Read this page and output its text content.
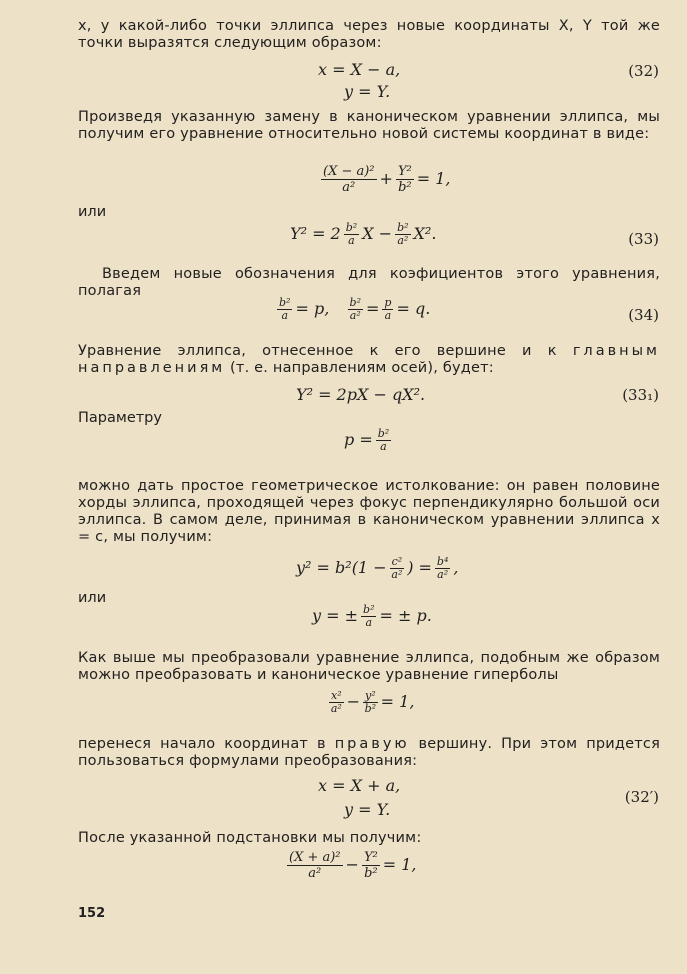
x, y какой-либо точки эллипса через новые координаты X, Y той же точки выразятся следующим образом:
x = X − a,	(32)
y = Y.
Произведя указанную замену в каноническом уравнении эллипса, мы получим его уравнение относительно новой системы координат в виде:
$\frac{\text{(X − a)²}}{\text{a²}} + \frac{\text{Y²}}{\text{b²}} = 1$,
или
$Y^2 = 2 \frac{\text{b²}}{a}$ $X - \frac{\text{b²}}{\text{a²}} X^2$.	(33)
Введем новые обозначения для коэфициентов этого уравнения, полагая
$\frac{\text{b²}}{a} = p$, $\frac{\text{b²}}{\text{a²}} = \frac{p}{a} = q$.	(34)
Уравнение эллипса, отнесенное к его вершине и к главным направлениям (т. е. направлениям осей), будет:
Y² = 2pX − qX².	(33₁)
Параметру
$p = \frac{\text{b²}}{a}$
можно дать простое геометрическое истолкование: он равен половине хорды эллипса, проходящей через фокус перпендикулярно большой оси эллипса. В самом деле, принимая в каноническом уравнении эллипса x = c, мы получим:
$y^2 = b^2(1 - \frac{\text{c²}}{\text{a²}}$ ) = $\frac{\text{b⁴}}{\text{a²}}$ ,
или
y = ± $\frac{\text{b²}}{a}$ = ± p.
Как выше мы преобразовали уравнение эллипса, подобным же образом можно преобразовать и каноническое уравнение гиперболы
$\frac{\text{x²}}{\text{a²}} - \frac{\text{y²}}{\text{b²}} = 1$,
перенеся начало координат в правую вершину. При этом придется пользоваться формулами преобразования:
x = X + a,
y = Y.
(32′)
После указанной подстановки мы получим:
$\frac{\text{(X + a)²}}{\text{a²}} - \frac{\text{Y²}}{\text{b²}} = 1$,
152
